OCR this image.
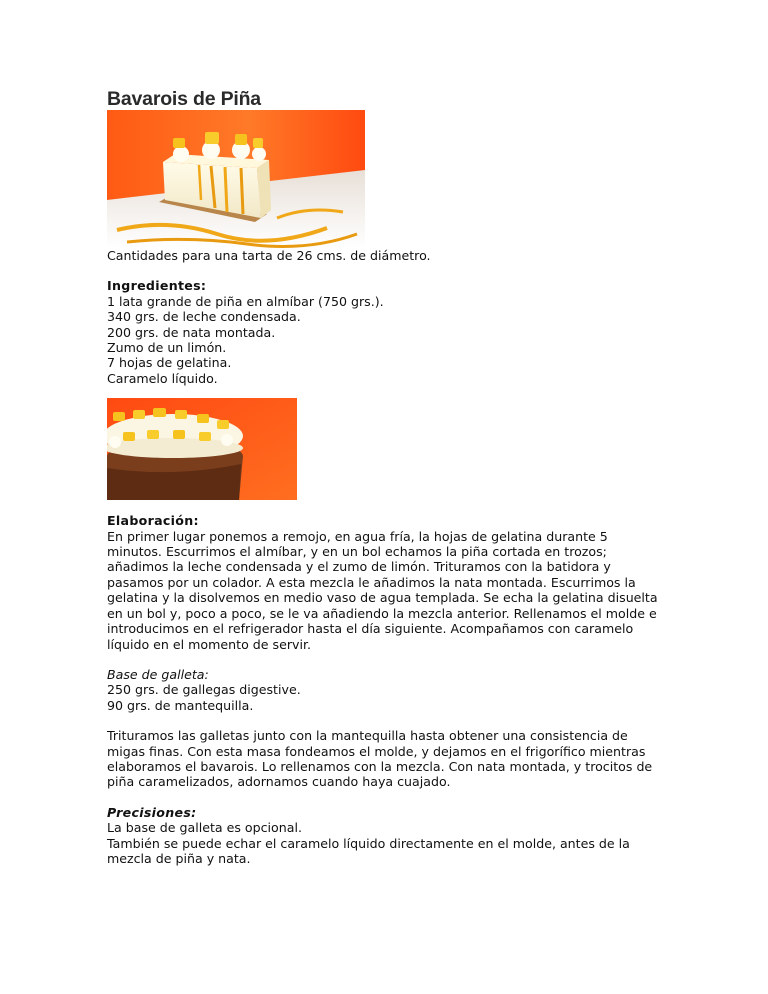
Bavarois de Piña
Cantidades para una tarta de 26 cms. de diámetro.
Ingredientes:
1 lata grande de piña en almíbar (750 grs.).
340 grs. de leche condensada.
200 grs. de nata montada.
Zumo de un limón.
7 hojas de gelatina.
Caramelo líquido.
Elaboración:
En primer lugar ponemos a remojo, en agua fría, la hojas de gelatina durante 5
minutos. Escurrimos el almíbar, y en un bol echamos la piña cortada en trozos;
añadimos la leche condensada y el zumo de limón. Trituramos con la batidora y
pasamos por un colador. A esta mezcla le añadimos la nata montada. Escurrimos la
gelatina y la disolvemos en medio vaso de agua templada. Se echa la gelatina disuelta
en un bol y, poco a poco, se le va añadiendo la mezcla anterior. Rellenamos el molde e
introducimos en el refrigerador hasta el día siguiente. Acompañamos con caramelo
líquido en el momento de servir.
Base de galleta:
250 grs. de gallegas digestive.
90 grs. de mantequilla.
Trituramos las galletas junto con la mantequilla hasta obtener una consistencia de
migas finas. Con esta masa fondeamos el molde, y dejamos en el frigorífico mientras
elaboramos el bavarois. Lo rellenamos con la mezcla. Con nata montada, y trocitos de
piña caramelizados, adornamos cuando haya cuajado.
Precisiones:
La base de galleta es opcional.
También se puede echar el caramelo líquido directamente en el molde, antes de la
mezcla de piña y nata.
